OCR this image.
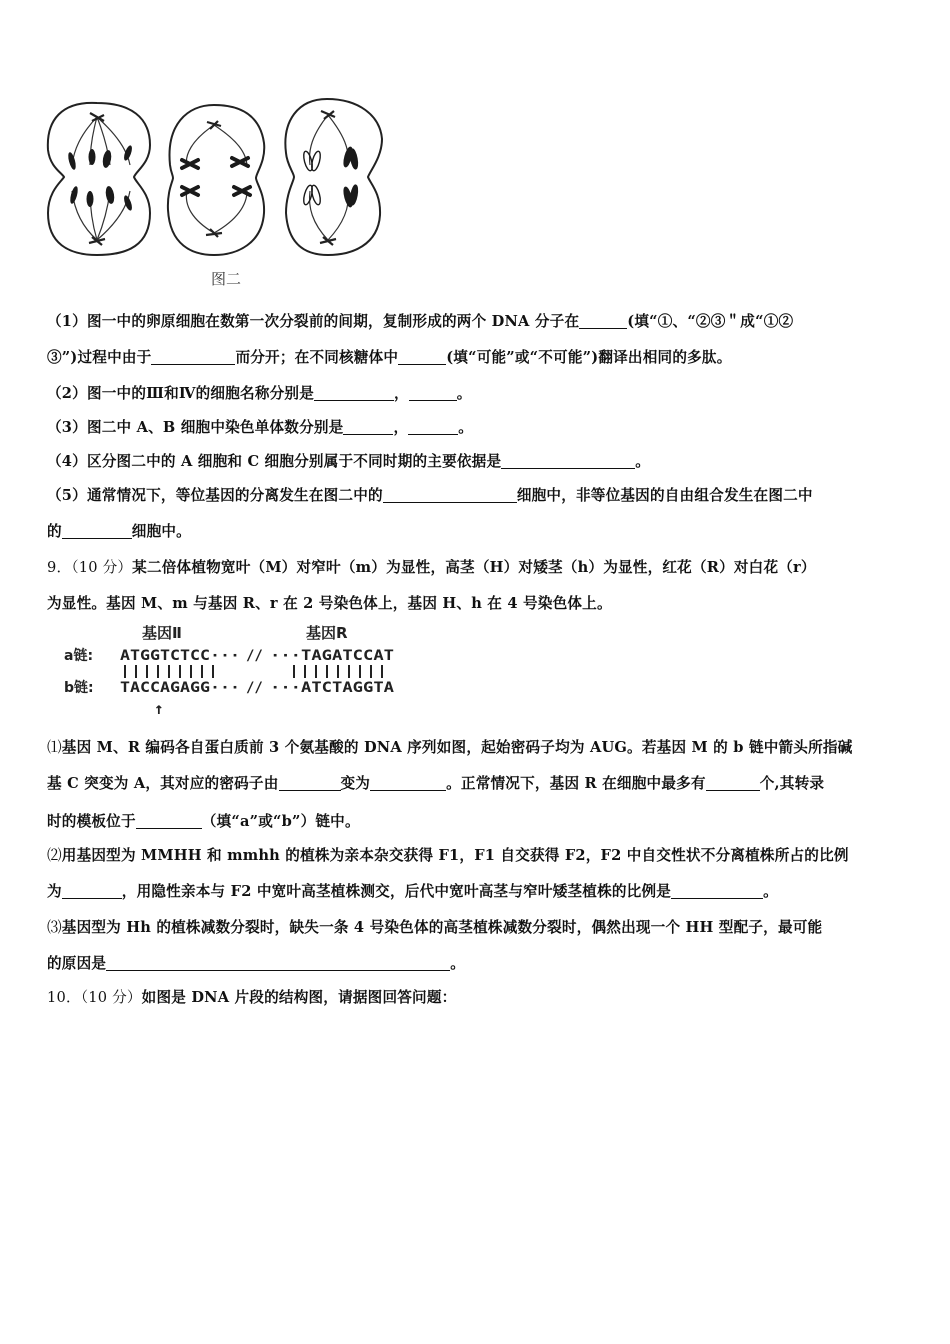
图二
（1）图一中的卵原细胞在数第一次分裂前的间期，复制形成的两个 DNA 分子在	(填“①、“②③＂成“①②
③”)过程中由于	而分开；在不同核糖体中	(填“可能”或“不可能”)翻译出相同的多肽。
（2）图一中的Ⅲ和Ⅳ的细胞名称分别是	，	。
（3）图二中 A、B 细胞中染色单体数分别是	，	。
（4）区分图二中的 A 细胞和 C 细胞分别属于不同时期的主要依据是	。
（5）通常情况下，等位基因的分离发生在图二中的	细胞中，非等位基因的自由组合发生在图二中
的	细胞中。
9．（10 分）某二倍体植物宽叶（M）对窄叶（m）为显性，高茎（H）对矮茎（h）为显性，红花（R）对白花（r）
为显性。基因 M、m 与基因 R、r 在 2 号染色体上，基因 H、h 在 4 号染色体上。
基因Ⅱ	基因R
a链:
b链:
ATGGTCTCC··· // ···TAGATCCAT
TACCAGAGG··· // ···ATCTAGGTA
↑
⑴基因 M、R 编码各自蛋白质前 3 个氨基酸的 DNA 序列如图，起始密码子均为 AUG。若基因 M 的 b 链中箭头所指碱
基 C 突变为 A，其对应的密码子由	变为	。正常情况下，基因 R 在细胞中最多有	个,其转录
时的模板位于	（填“a”或“b”）链中。
⑵用基因型为 MMHH 和 mmhh 的植株为亲本杂交获得 F1，F1 自交获得 F2，F2 中自交性状不分离植株所占的比例
为	，用隐性亲本与 F2 中宽叶高茎植株测交，后代中宽叶高茎与窄叶矮茎植株的比例是	。
⑶基因型为 Hh 的植株减数分裂时，缺失一条 4 号染色体的高茎植株减数分裂时，偶然出现一个 HH 型配子，最可能
的原因是	。
10．（10 分）如图是 DNA 片段的结构图，请据图回答问题：
